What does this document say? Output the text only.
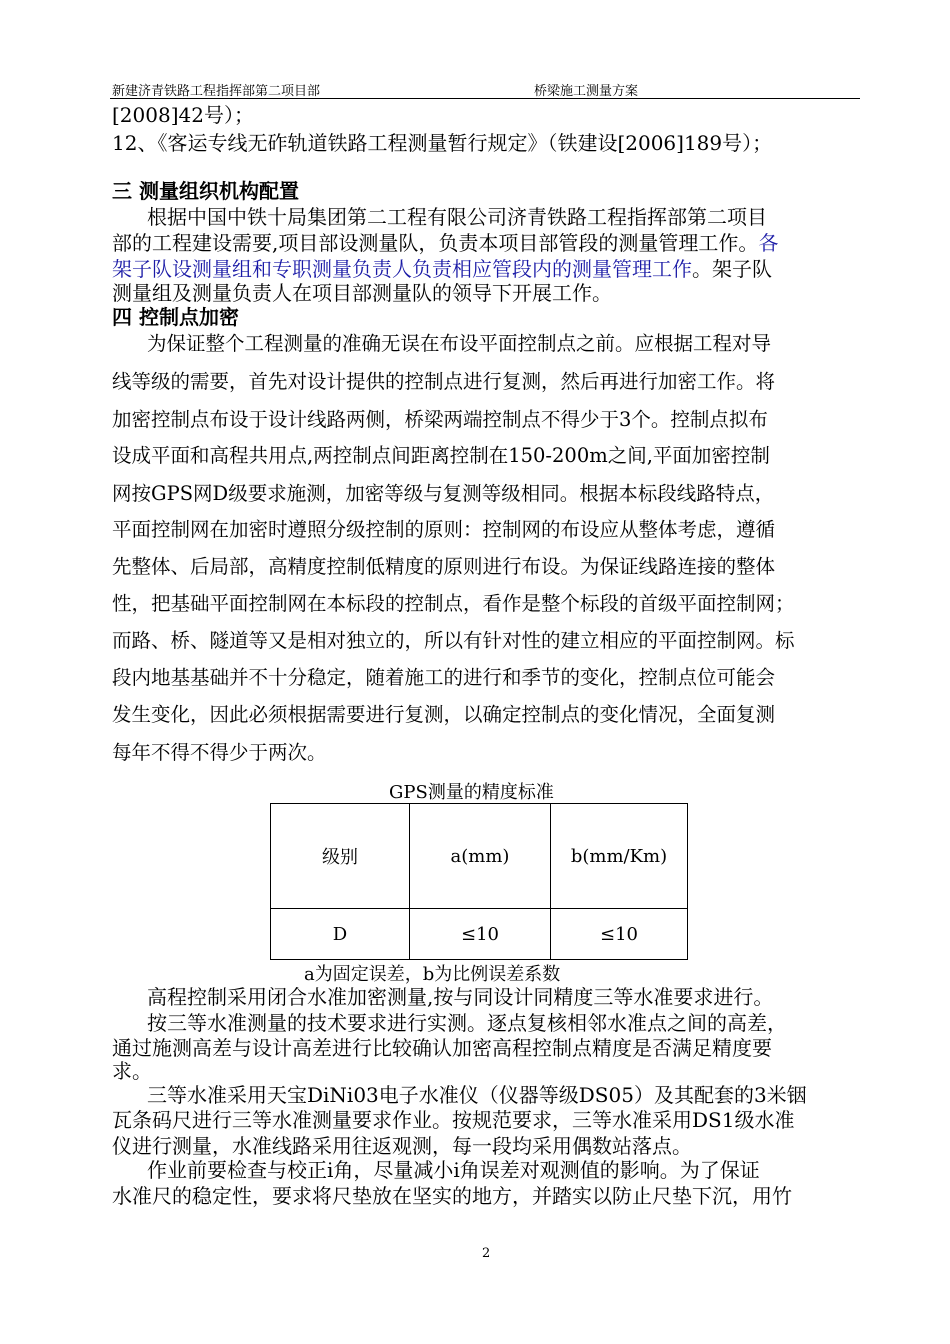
新建济青铁路工程指挥部第二项目部	桥梁施工测量方案
[2008]42号）；
12、《客运专线无砟轨道铁路工程测量暂行规定》（铁建设[2006]189号）；
三 测量组织机构配置
根据中国中铁十局集团第二工程有限公司济青铁路工程指挥部第二项目
部的工程建设需要,项目部设测量队，负责本项目部管段的测量管理工作。各
架子队设测量组和专职测量负责人负责相应管段内的测量管理工作。架子队
测量组及测量负责人在项目部测量队的领导下开展工作。
四 控制点加密
为保证整个工程测量的准确无误在布设平面控制点之前。应根据工程对导
线等级的需要，首先对设计提供的控制点进行复测，然后再进行加密工作。将
加密控制点布设于设计线路两侧，桥梁两端控制点不得少于3个。控制点拟布
设成平面和高程共用点,两控制点间距离控制在150-200m之间,平面加密控制
网按GPS网D级要求施测，加密等级与复测等级相同。根据本标段线路特点，
平面控制网在加密时遵照分级控制的原则：控制网的布设应从整体考虑，遵循
先整体、后局部，高精度控制低精度的原则进行布设。为保证线路连接的整体
性，把基础平面控制网在本标段的控制点，看作是整个标段的首级平面控制网；
而路、桥、隧道等又是相对独立的，所以有针对性的建立相应的平面控制网。标
段内地基基础并不十分稳定，随着施工的进行和季节的变化，控制点位可能会
发生变化，因此必须根据需要进行复测，以确定控制点的变化情况，全面复测
每年不得不得少于两次。
GPS测量的精度标准
级别	a(mm)	b(mm/Km)
D	≤10	≤10
a为固定误差，b为比例误差系数
高程控制采用闭合水准加密测量,按与同设计同精度三等水准要求进行。
按三等水准测量的技术要求进行实测。逐点复核相邻水准点之间的高差，
通过施测高差与设计高差进行比较确认加密高程控制点精度是否满足精度要
求。
三等水准采用天宝DiNi03电子水准仪（仪器等级DS05）及其配套的3米铟
瓦条码尺进行三等水准测量要求作业。按规范要求，三等水准采用DS1级水准
仪进行测量，水准线路采用往返观测，每一段均采用偶数站落点。
作业前要检查与校正i角，尽量减小i角误差对观测值的影响。为了保证
水准尺的稳定性，要求将尺垫放在坚实的地方，并踏实以防止尺垫下沉，用竹
2
